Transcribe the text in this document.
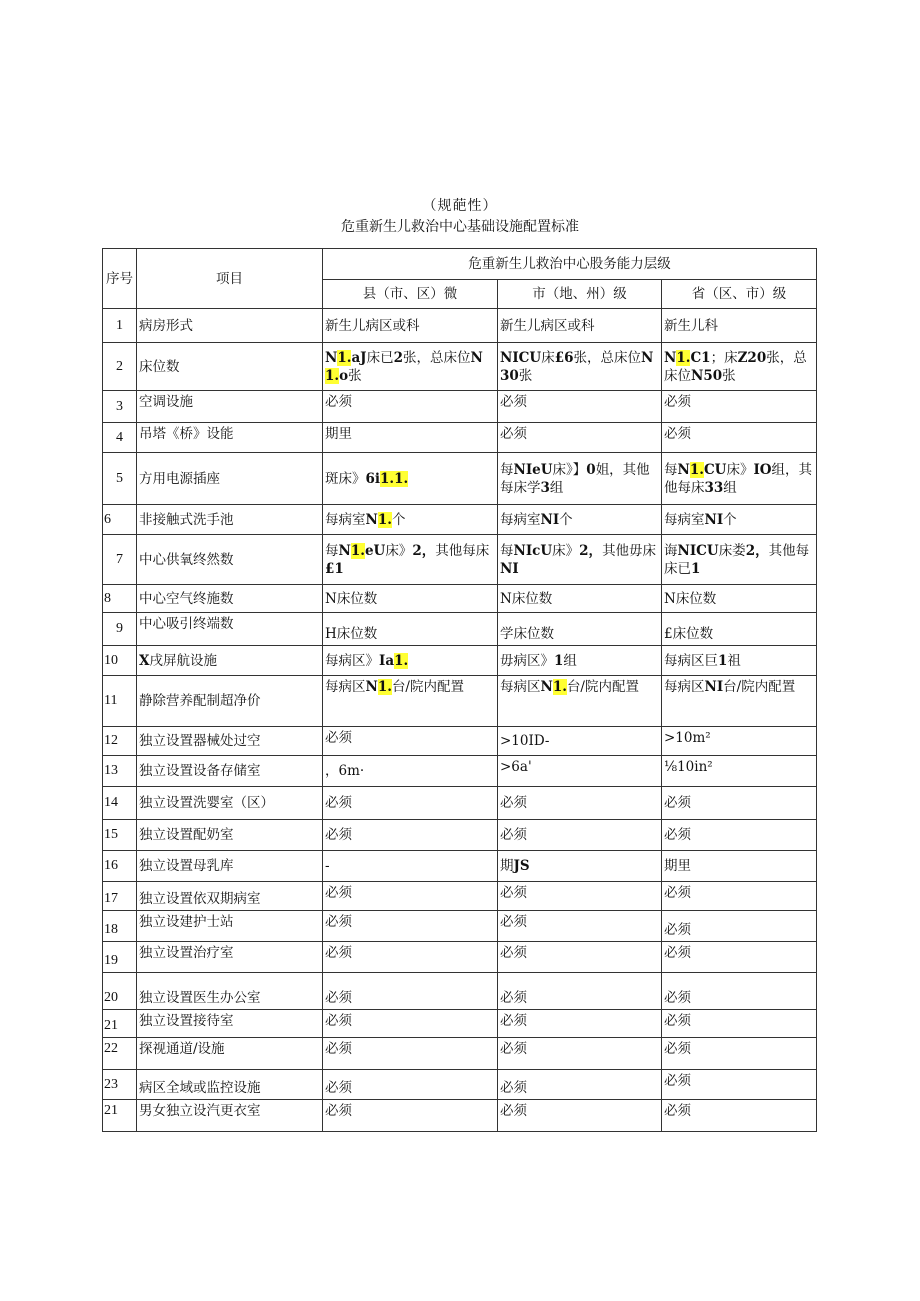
（规葩性）
危重新生儿救治中心基础设施配置标准
序号	项目	危重新生儿救治中心股务能力层级		
		县（市、区）微	市（地、州）级	省（区、市）级
1	病房形式	新生儿病区或科	新生儿病区或科	新生儿科
2	床位数	N1.aJ床已2张，总床位N1.o张	NICU床£6张，总床位N30张	N1.C1；床Z20张，总床位N50张
3	空调设施	必须	必须	必须
4	吊塔《桥》设能	期里	必须	必须
5	方用电源插座	斑床》6i1.1.	每NIeU床》】0姐，其他每床学3组	每N1.CU床》IO组，其他每床33组
6	非接触式洗手池	每病室N1.个	每病室NI个	每病室NI个
7	中心供氧终然数	每N1.eU床》2，其他每床£1	每NIcU床》2，其他毋床NI	诲NICU床娄2，其他每床已1
8	中心空气终施数	N床位数	N床位数	N床位数
9	中心吸引终端数	H床位数	学床位数	£床位数
10	X戌屏航设施	每病区》Ia1.	毋病区》1组	每病区巨1祖
11	静除营养配制超净价	每病区N1.台/院内配置	每病区N1.台/院内配置	每病区NI台/院内配置
12	独立设置器械处过空	必须	>10ID-	>10m²
13	独立设置设备存储室	，6m·	>6a'	⅛10in²
14	独立设置洗婴室（区）	必须	必须	必须
15	独立设置配奶室	必须	必须	必须
16	独立设置母乳库	-	期JS	期里
17	独立设置依双期病室	必须	必须	必须
18	独立设建护士站	必须	必须	必须
19	独立设置治疗室	必须	必须	必须
20	独立设置医生办公室	必须	必须	必须
21	独立设置接待室	必须	必须	必须
22	探视通道/设施	必须	必须	必须
23	病区全域或监控设施	必须	必须	必须
21	男女独立设汽更衣室	必须	必须	必须
